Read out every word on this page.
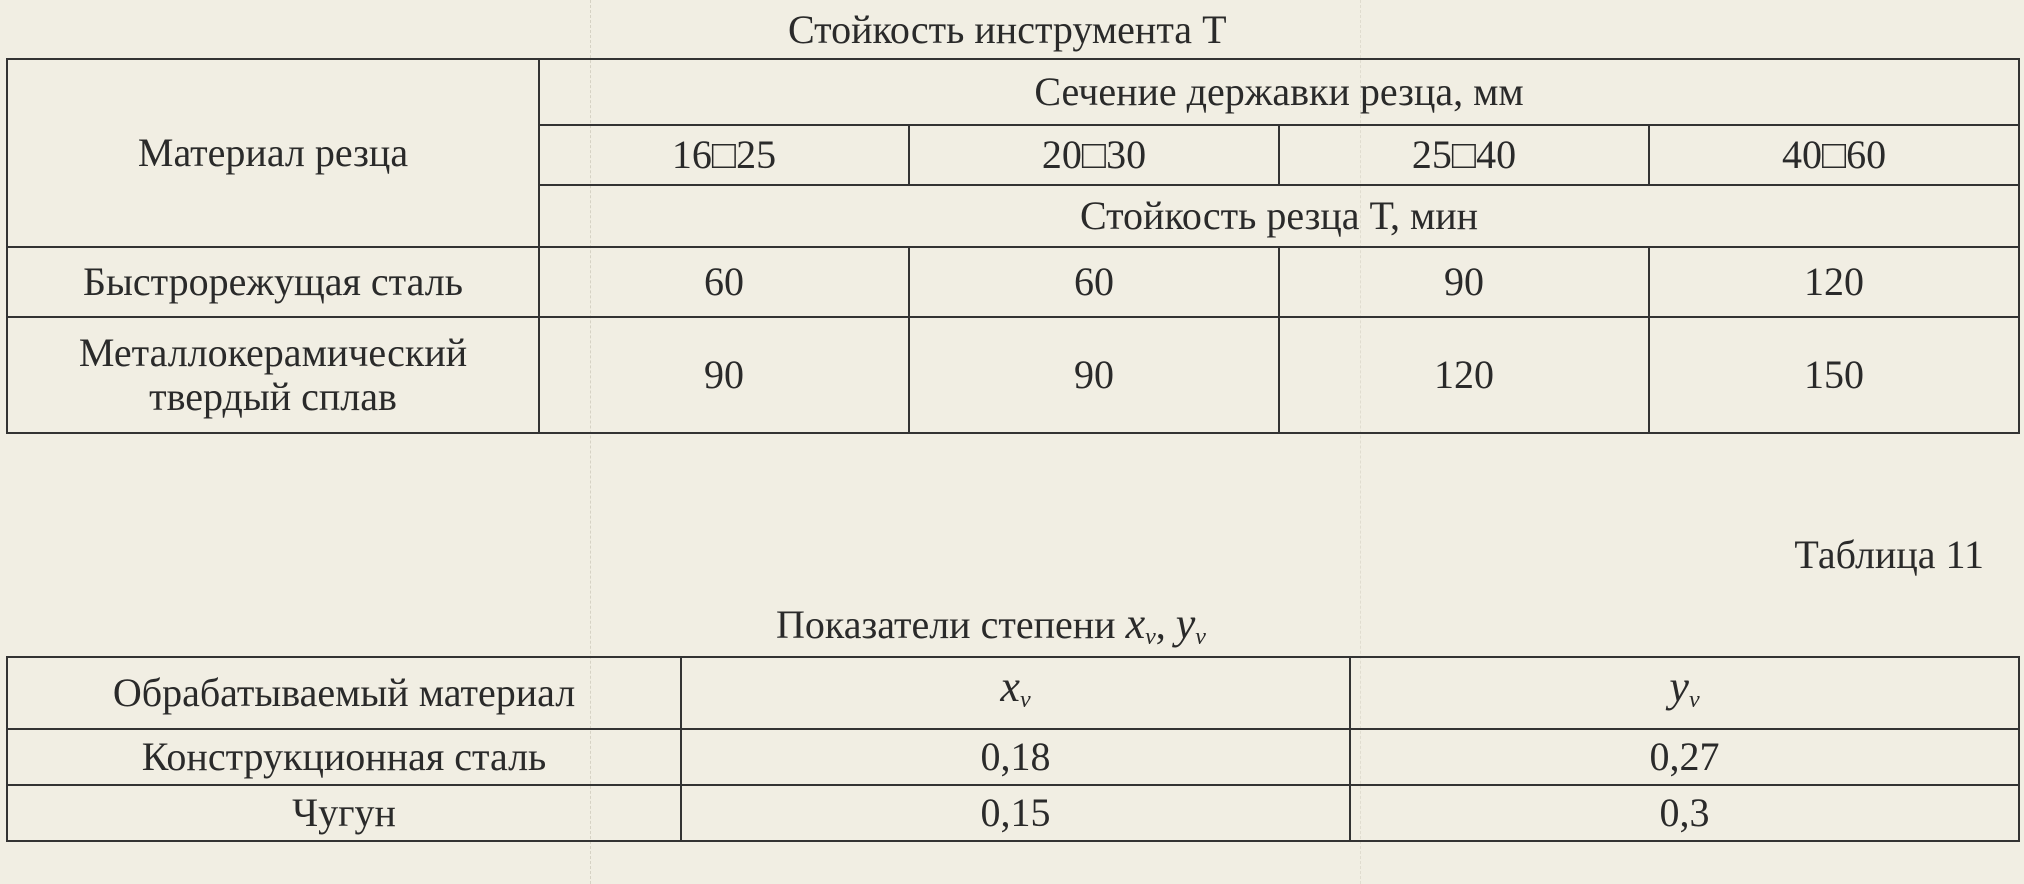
Стойкость инструмента Т
Материал резца	Сечение державки резца, мм			
	16□25	20□30	25□40	40□60
	Стойкость резца Т, мин			

Быстрорежущая сталь	60	60	90	120

Металлокерамический
твердый сплав	90	90	120	150
Таблица 11
Показатели степени $x_v$, $y_v$
Обрабатываемый материал	$x_v$	$y_v$
Конструкционная сталь	0,18	0,27
Чугун	0,15	0,3
